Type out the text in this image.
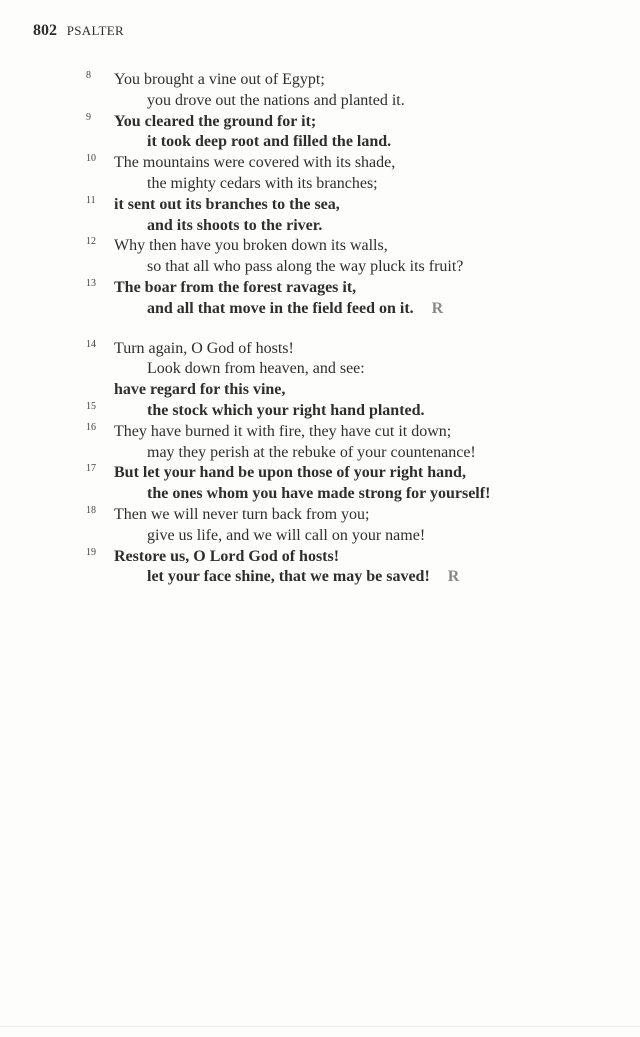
802 PSALTER
8 You brought a vine out of Egypt;
you drove out the nations and planted it.
9 You cleared the ground for it;
it took deep root and filled the land.
10 The mountains were covered with its shade,
the mighty cedars with its branches;
11 it sent out its branches to the sea,
and its shoots to the river.
12 Why then have you broken down its walls,
so that all who pass along the way pluck its fruit?
13 The boar from the forest ravages it,
and all that move in the field feed on it. R
14 Turn again, O God of hosts!
Look down from heaven, and see:
have regard for this vine,
15	the stock which your right hand planted.
16 They have burned it with fire, they have cut it down;
may they perish at the rebuke of your countenance!
17 But let your hand be upon those of your right hand,
the ones whom you have made strong for yourself!
18 Then we will never turn back from you;
give us life, and we will call on your name!
19 Restore us, O Lord God of hosts!
let your face shine, that we may be saved! R
